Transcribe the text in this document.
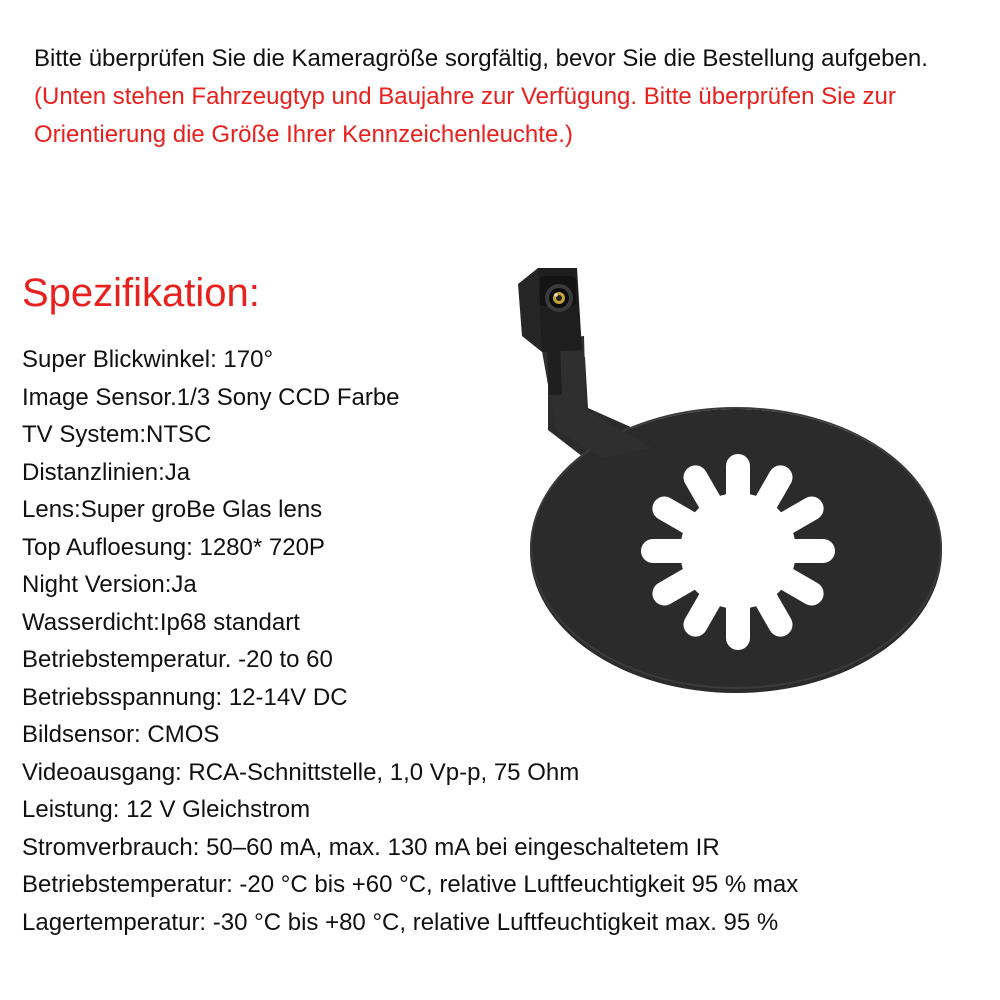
Bitte überprüfen Sie die Kameragröße sorgfältig, bevor Sie die Bestellung aufgeben.
(Unten stehen Fahrzeugtyp und Baujahre zur Verfügung. Bitte überprüfen Sie zur Orientierung die Größe Ihrer Kennzeichenleuchte.)
Spezifikation:
Super Blickwinkel: 170°
Image Sensor.1/3 Sony CCD Farbe
TV System:NTSC
Distanzlinien:Ja
Lens:Super groBe Glas lens
Top Aufloesung: 1280* 720P
Night Version:Ja
Wasserdicht:Ip68 standart
Betriebstemperatur. -20 to 60
Betriebsspannung: 12-14V DC
Bildsensor: CMOS
Videoausgang: RCA-Schnittstelle, 1,0 Vp-p, 75 Ohm
Leistung: 12 V Gleichstrom
Stromverbrauch: 50–60 mA, max. 130 mA bei eingeschaltetem IR
Betriebstemperatur: -20 °C bis +60 °C, relative Luftfeuchtigkeit 95 % max
Lagertemperatur: -30 °C bis +80 °C, relative Luftfeuchtigkeit max. 95 %
